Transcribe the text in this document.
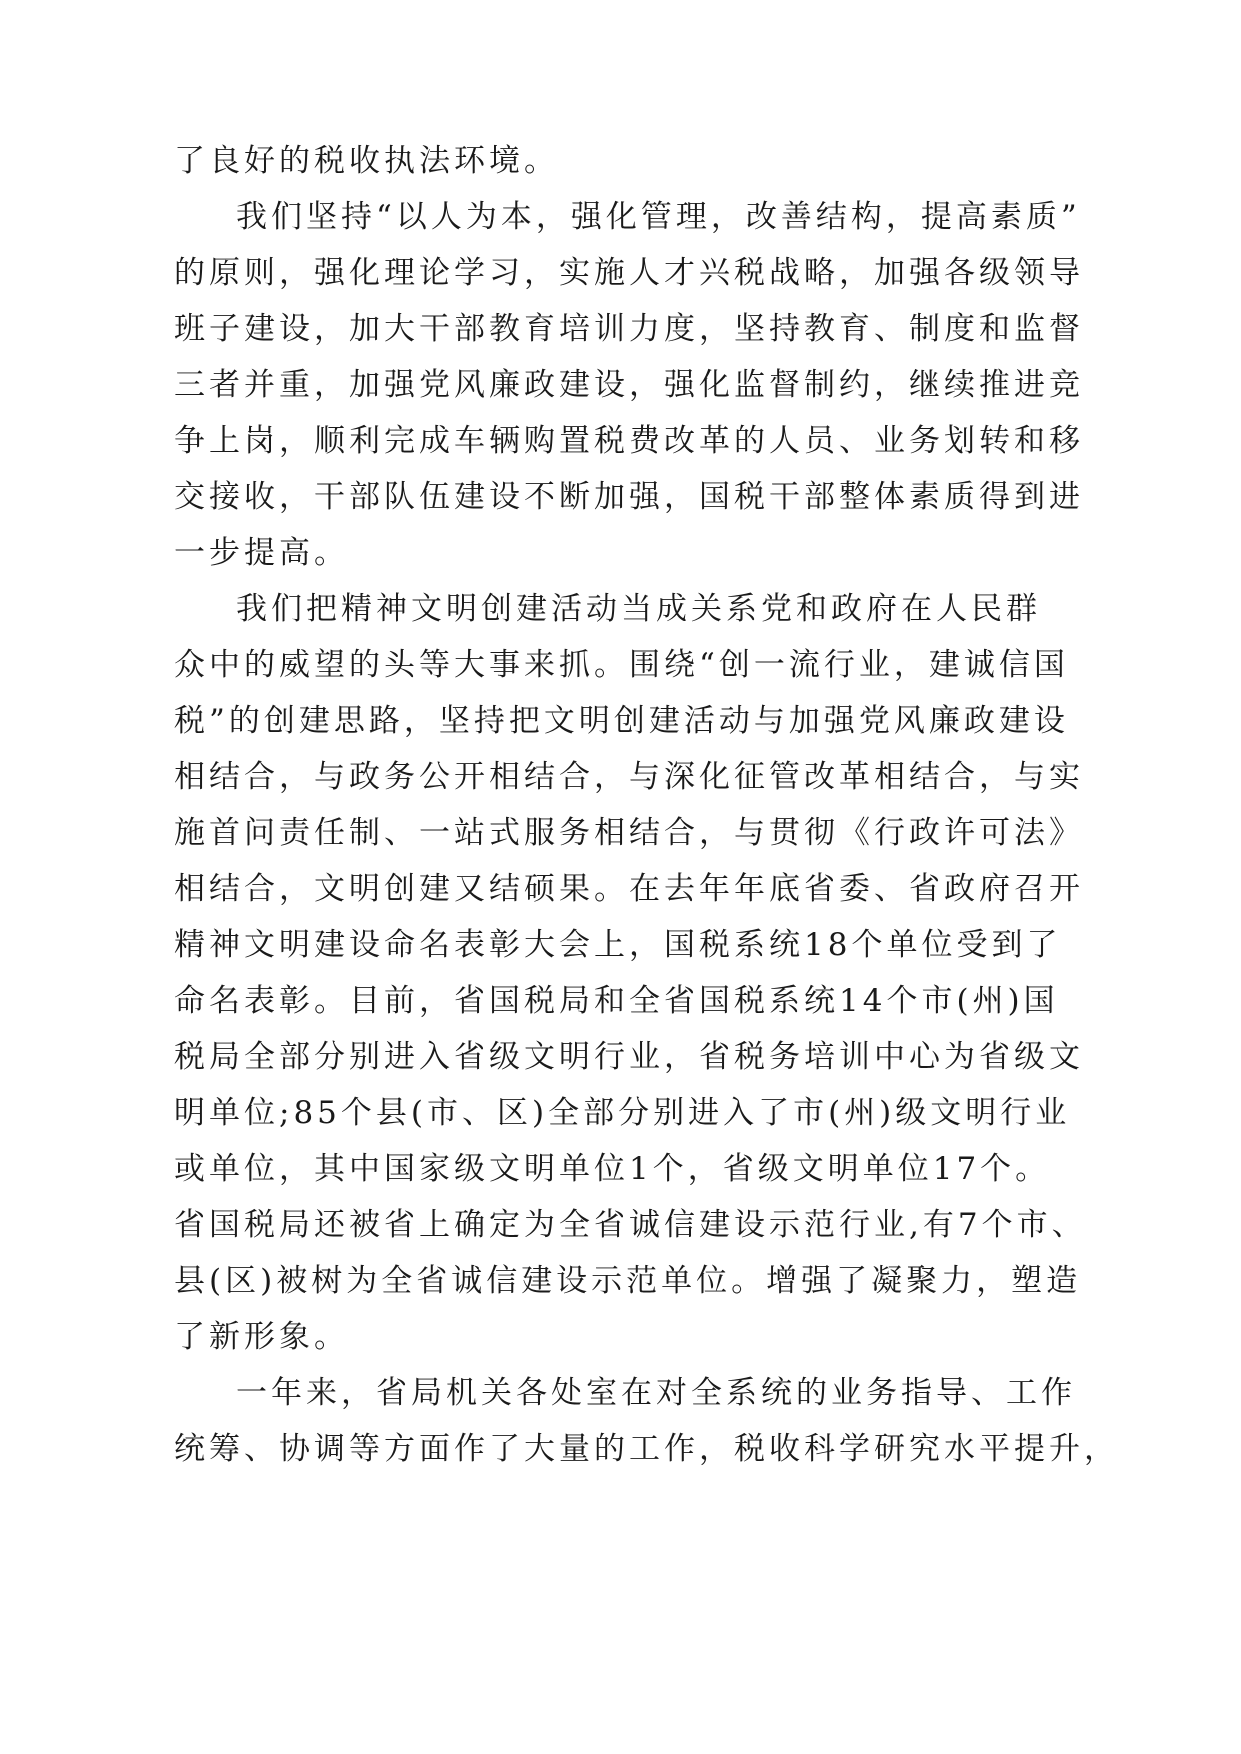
了良好的税收执法环境。

我们坚持“以人为本，强化管理，改善结构，提高素质”

的原则，强化理论学习，实施人才兴税战略，加强各级领导

班子建设，加大干部教育培训力度，坚持教育、制度和监督

三者并重，加强党风廉政建设，强化监督制约，继续推进竞

争上岗，顺利完成车辆购置税费改革的人员、业务划转和移

交接收，干部队伍建设不断加强，国税干部整体素质得到进

一步提高。

我们把精神文明创建活动当成关系党和政府在人民群

众中的威望的头等大事来抓。围绕“创一流行业，建诚信国

税”的创建思路，坚持把文明创建活动与加强党风廉政建设

相结合，与政务公开相结合，与深化征管改革相结合，与实

施首问责任制、一站式服务相结合，与贯彻《行政许可法》

相结合，文明创建又结硕果。在去年年底省委、省政府召开

精神文明建设命名表彰大会上，国税系统18个单位受到了

命名表彰。目前，省国税局和全省国税系统14个市(州)国

税局全部分别进入省级文明行业，省税务培训中心为省级文

明单位;85个县(市、区)全部分别进入了市(州)级文明行业

或单位，其中国家级文明单位1个，省级文明单位17个。

省国税局还被省上确定为全省诚信建设示范行业,有7个市、

县(区)被树为全省诚信建设示范单位。增强了凝聚力，塑造

了新形象。

一年来，省局机关各处室在对全系统的业务指导、工作

统筹、协调等方面作了大量的工作，税收科学研究水平提升，
